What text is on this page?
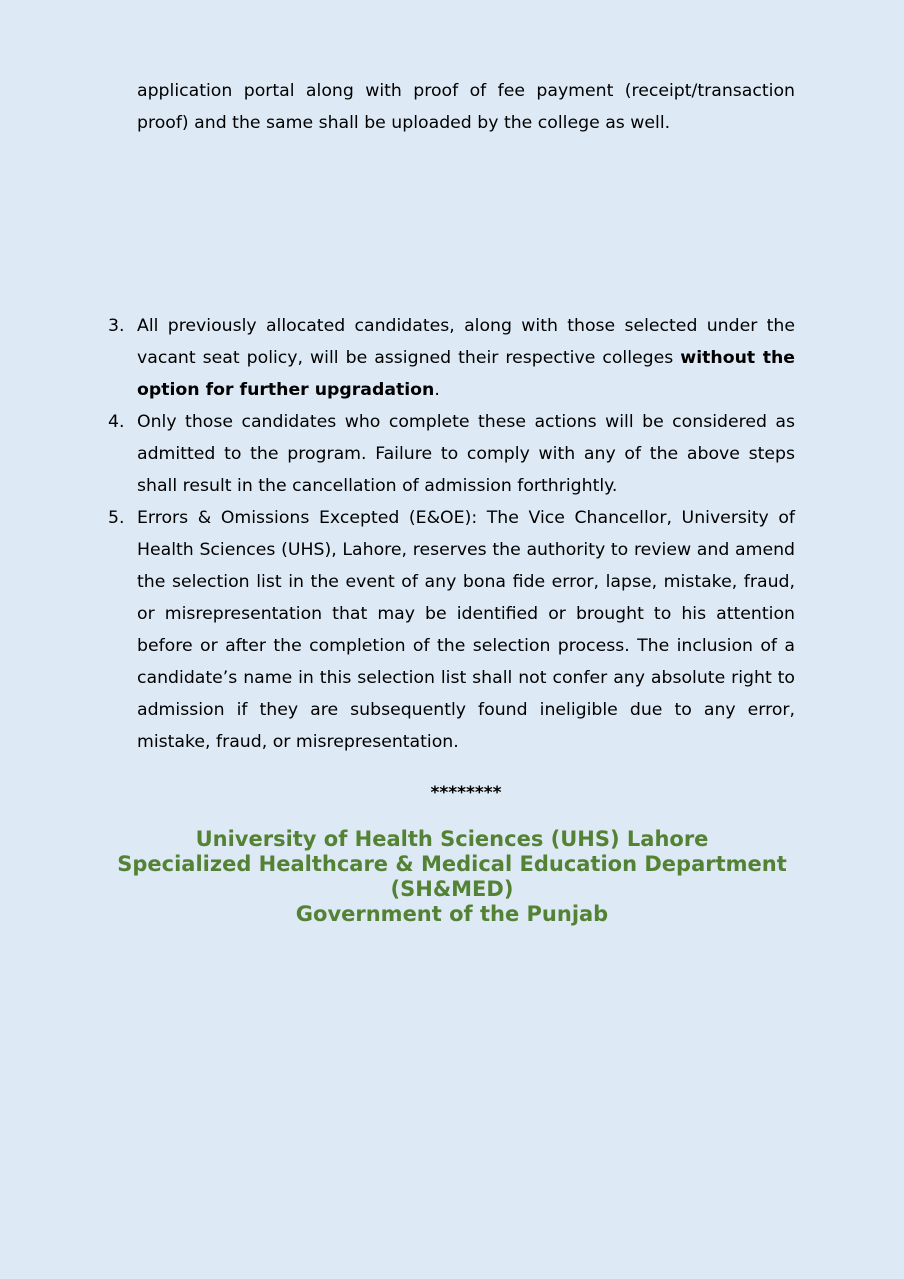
application portal along with proof of fee payment (receipt/transaction proof) and the same shall be uploaded by the college as well.

3. All previously allocated candidates, along with those selected under the vacant seat policy, will be assigned their respective colleges without the option for further upgradation.
4. Only those candidates who complete these actions will be considered as admitted to the program. Failure to comply with any of the above steps shall result in the cancellation of admission forthrightly.
5. Errors & Omissions Excepted (E&OE): The Vice Chancellor, University of Health Sciences (UHS), Lahore, reserves the authority to review and amend the selection list in the event of any bona fide error, lapse, mistake, fraud, or misrepresentation that may be identified or brought to his attention before or after the completion of the selection process. The inclusion of a candidate’s name in this selection list shall not confer any absolute right to admission if they are subsequently found ineligible due to any error, mistake, fraud, or misrepresentation.
********
University of Health Sciences (UHS) Lahore
Specialized Healthcare & Medical Education Department
(SH&MED)
Government of the Punjab
